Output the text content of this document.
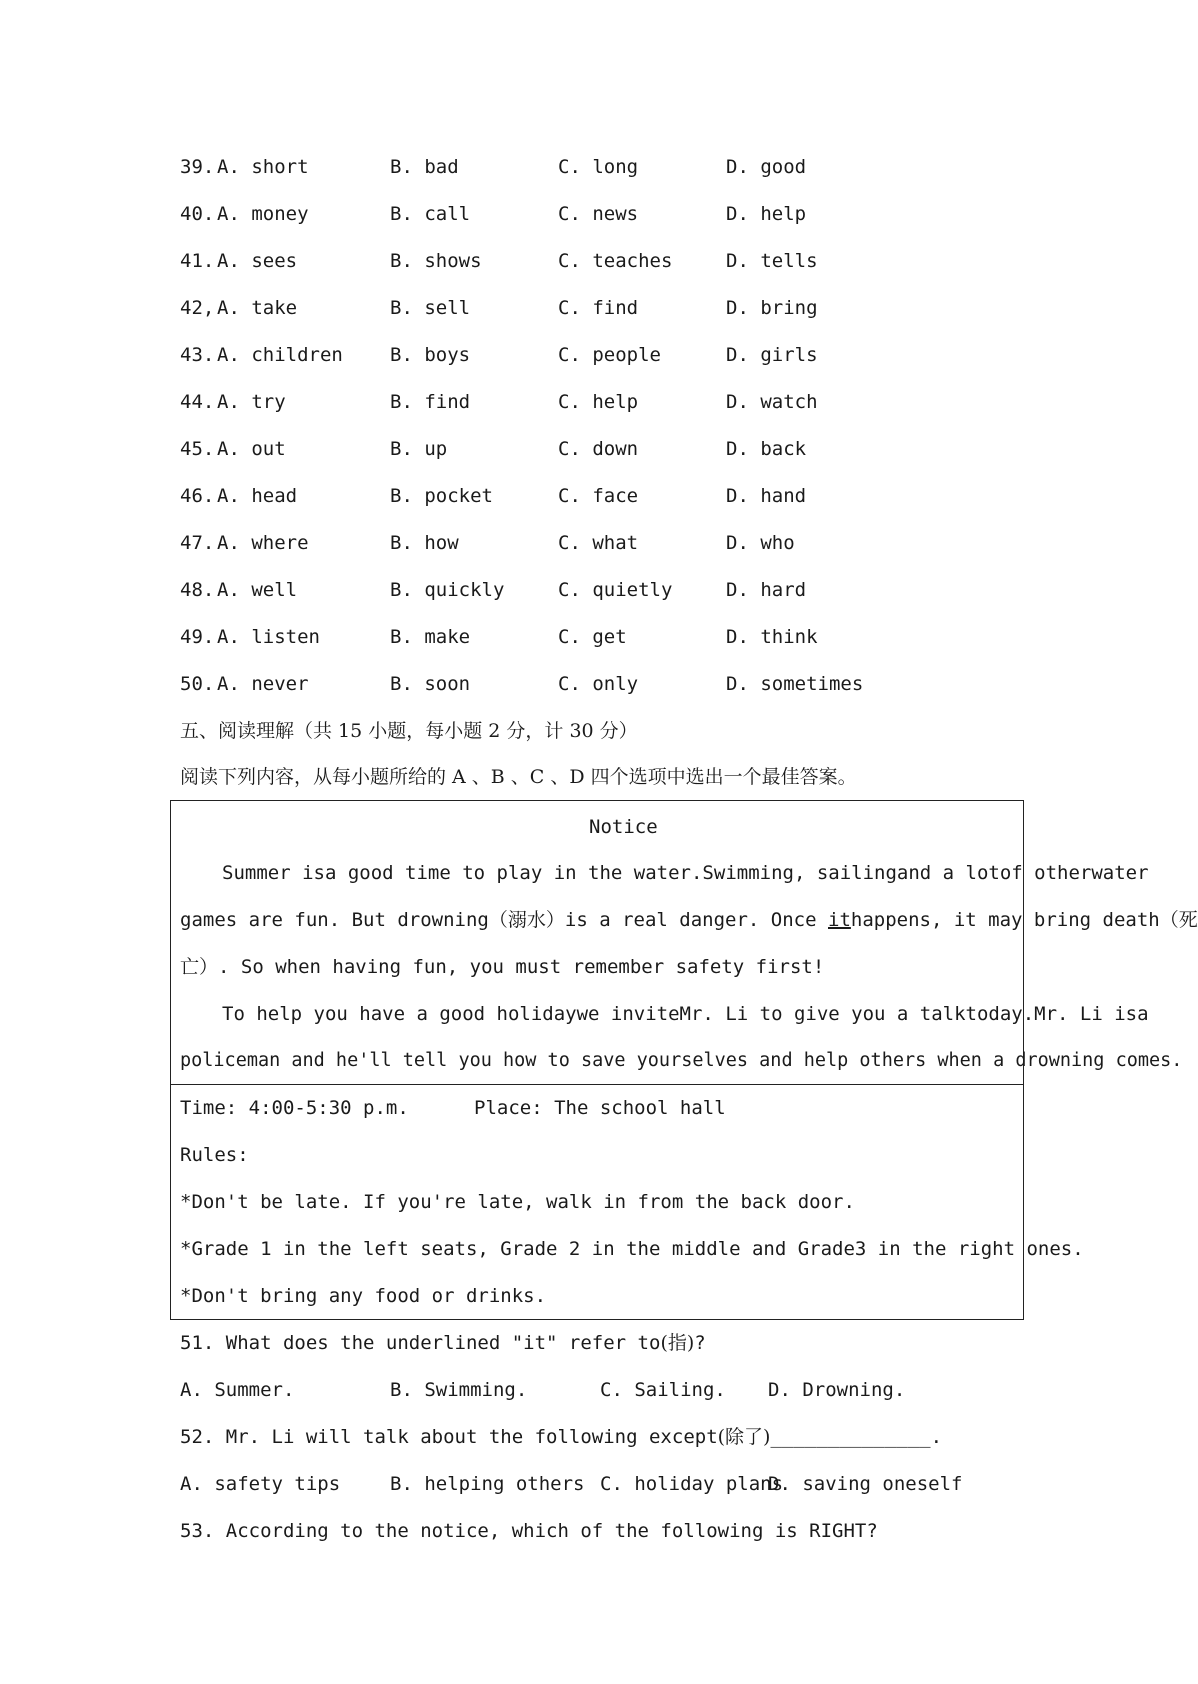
39. A. short	B. bad	C. long	D. good
40. A. money	B. call	C. news	D. help
41. A. sees	B. shows	C. teaches	D. tells
42, A. take	B. sell	C. find	D. bring
43. A. children B. boys	C. people	D. girls
44. A. try	B. find	C. help	D. watch
45. A. out	B. up	C. down	D. back
46. A. head	B. pocket	C. face	D. hand
47. A. where	B. how	C. what	D. who
48. A. well	B. quickly	C. quietly	D. hard
49. A. listen	B. make	C. get	D. think
50. A. never	B. soon	C. only	D. sometimes
五、阅读理解（共 15 小题，每小题 2 分，计 30 分）
阅读下列内容，从每小题所给的 A 、B 、C 、D 四个选项中选出一个最佳答案。
Notice
Summer isa good time to play in the water.Swimming, sailingand a lotof otherwater
games are fun. But drowning（溺水）is a real danger. Once ithappens, it may bring death（死
亡）. So when having fun, you must remember safety first!
To help you have a good holidaywe inviteMr. Li to give you a talktoday.Mr. Li isa
policeman and he'll tell you how to save yourselves and help others when a drowning comes.
Time: 4:00-5:30 p.m.	Place: The school hall
Rules:
*Don't be late. If you're late, walk in from the back door.
*Grade 1 in the left seats, Grade 2 in the middle and Grade3 in the right ones.
*Don't bring any food or drinks.
51. What does the underlined "it" refer to(指)?
A. Summer.	B. Swimming.	C. Sailing. D. Drowning.
52. Mr. Li will talk about the following except(除了)______________.
A. safety tips	B. helping others C. holiday plans
D. saving oneself
53. According to the notice, which of the following is RIGHT?
